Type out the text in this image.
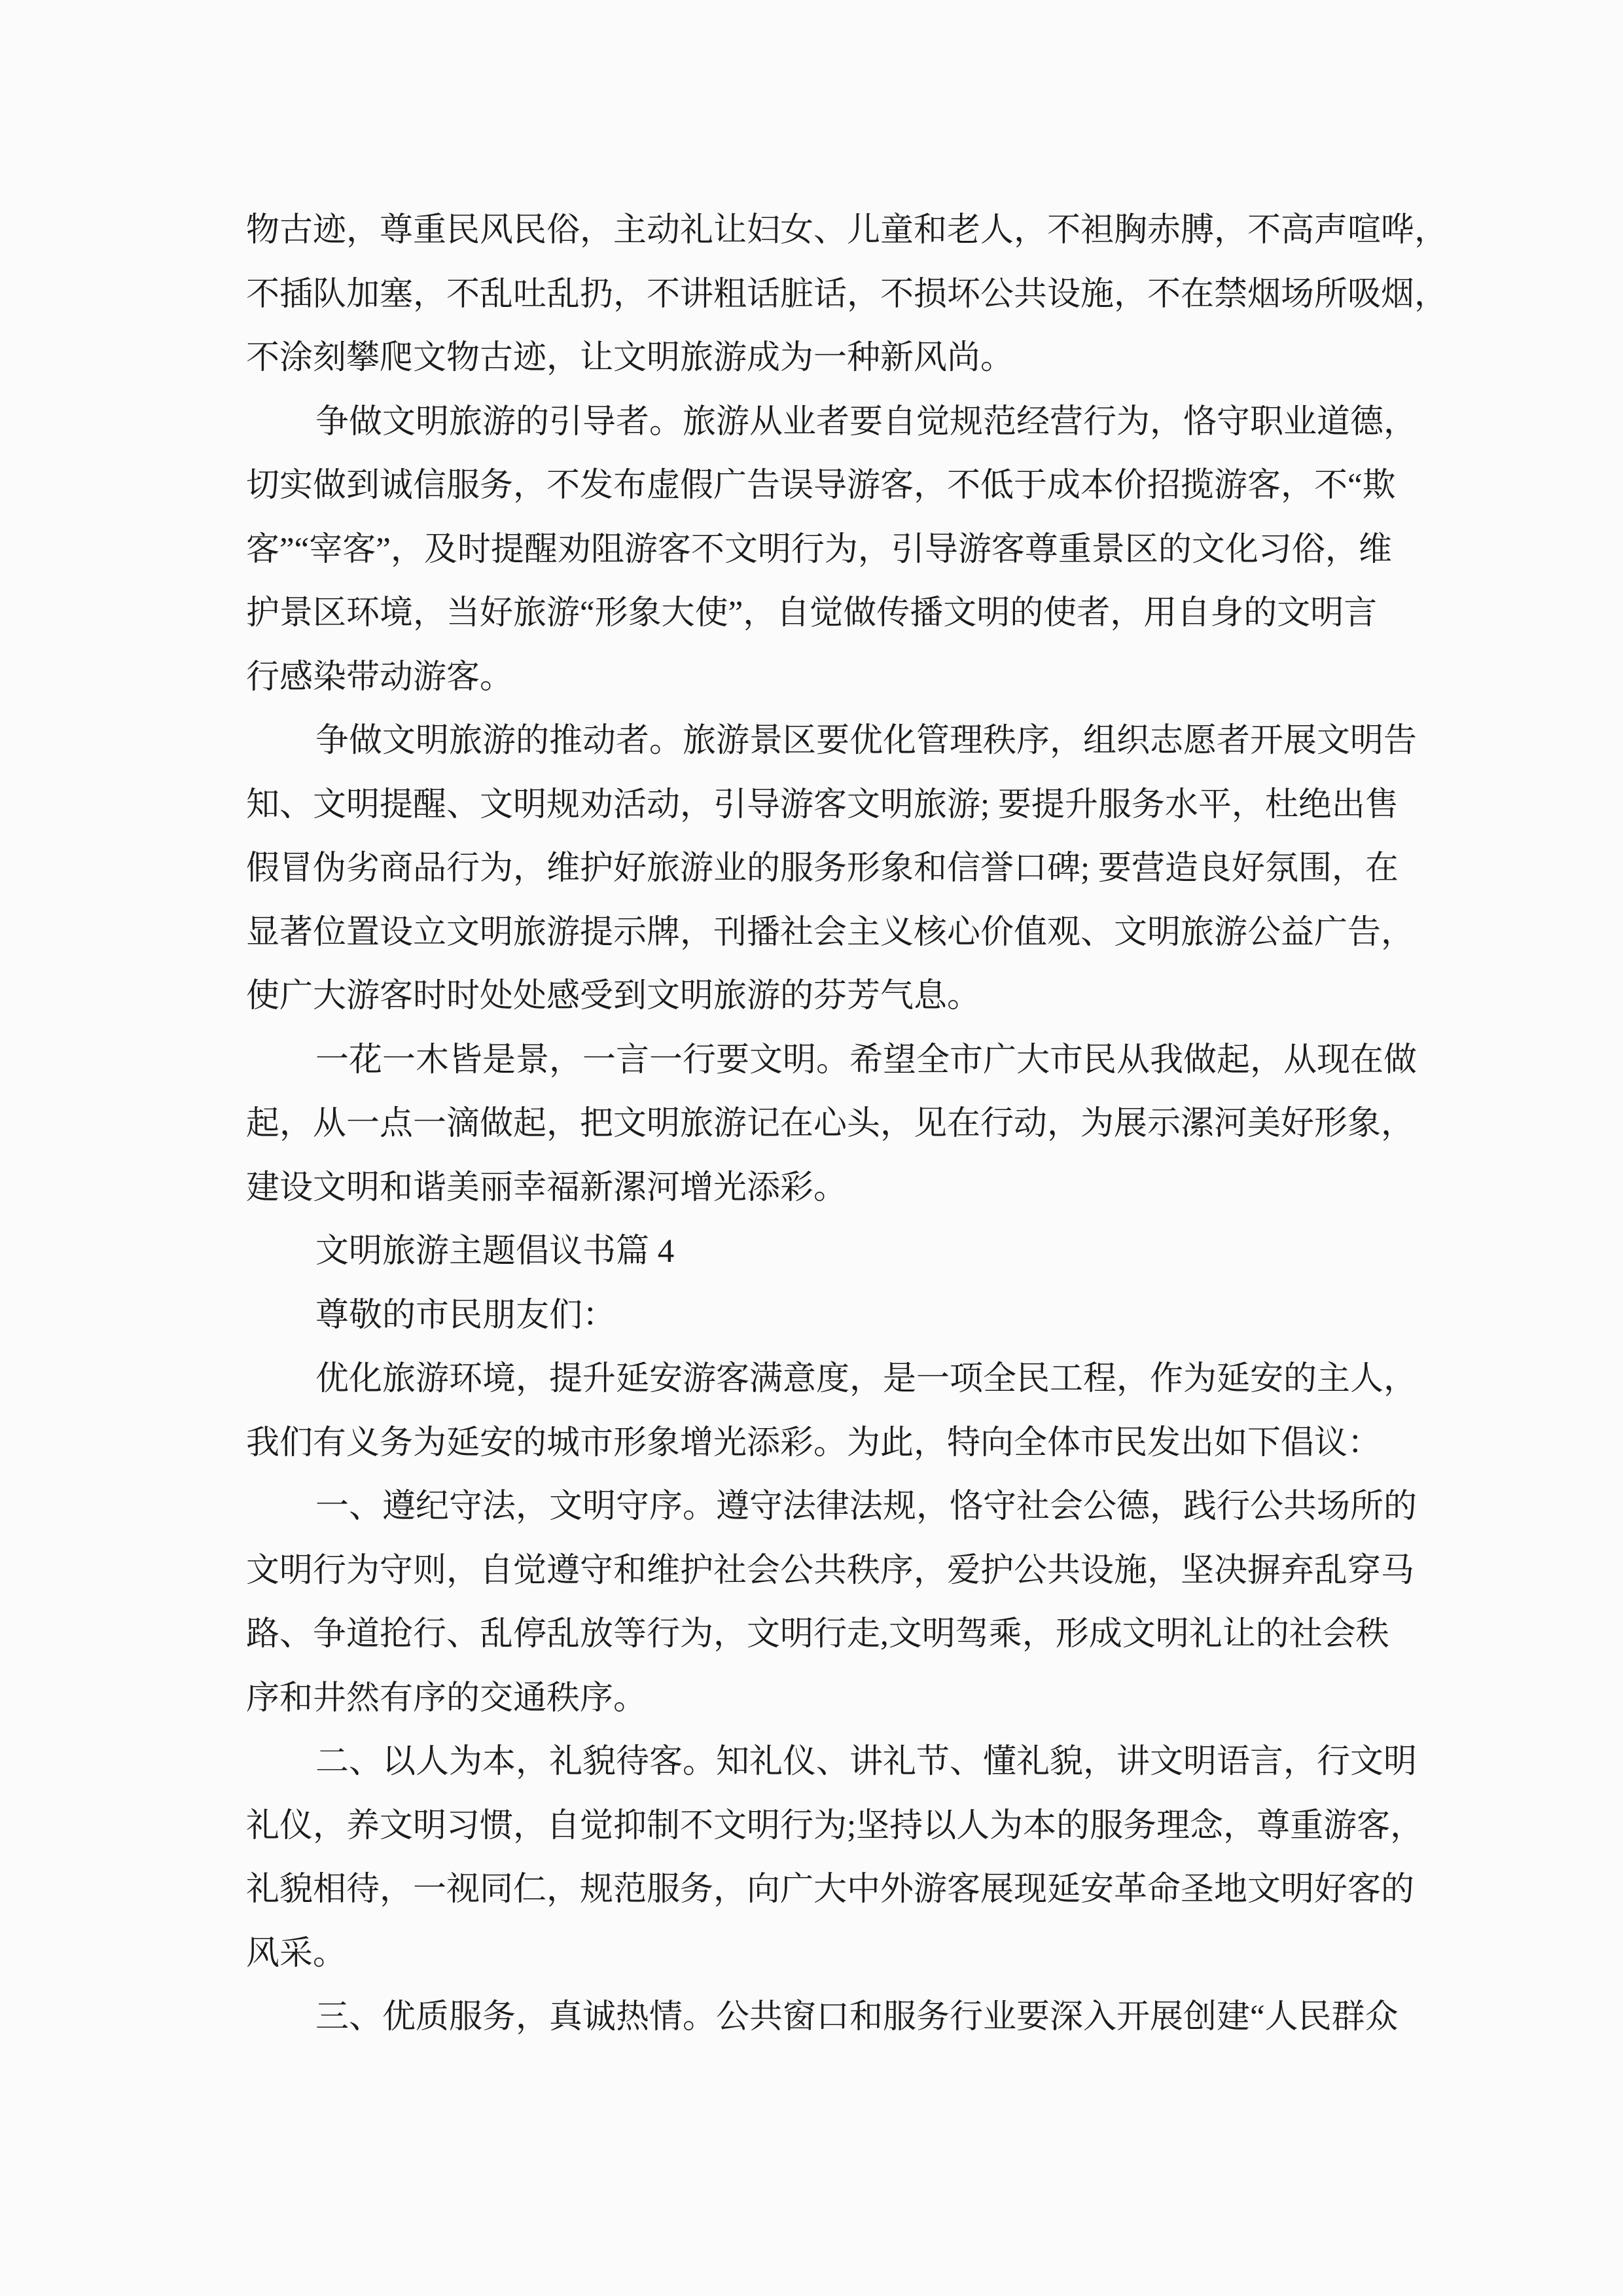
物古迹，尊重民风民俗，主动礼让妇女、儿童和老人，不袒胸赤膊，不高声喧哗，
不插队加塞，不乱吐乱扔，不讲粗话脏话，不损坏公共设施，不在禁烟场所吸烟，
不涂刻攀爬文物古迹，让文明旅游成为一种新风尚。
争做文明旅游的引导者。旅游从业者要自觉规范经营行为，恪守职业道德，
切实做到诚信服务，不发布虚假广告误导游客，不低于成本价招揽游客，不“欺
客”“宰客”，及时提醒劝阻游客不文明行为，引导游客尊重景区的文化习俗，维
护景区环境，当好旅游“形象大使”，自觉做传播文明的使者，用自身的文明言
行感染带动游客。
争做文明旅游的推动者。旅游景区要优化管理秩序，组织志愿者开展文明告
知、文明提醒、文明规劝活动，引导游客文明旅游; 要提升服务水平，杜绝出售
假冒伪劣商品行为，维护好旅游业的服务形象和信誉口碑; 要营造良好氛围，在
显著位置设立文明旅游提示牌，刊播社会主义核心价值观、文明旅游公益广告，
使广大游客时时处处感受到文明旅游的芬芳气息。
一花一木皆是景，一言一行要文明。希望全市广大市民从我做起，从现在做
起，从一点一滴做起，把文明旅游记在心头，见在行动，为展示漯河美好形象，
建设文明和谐美丽幸福新漯河增光添彩。
文明旅游主题倡议书篇 4
尊敬的市民朋友们：
优化旅游环境，提升延安游客满意度，是一项全民工程，作为延安的主人，
我们有义务为延安的城市形象增光添彩。为此，特向全体市民发出如下倡议：
一、遵纪守法，文明守序。遵守法律法规，恪守社会公德，践行公共场所的
文明行为守则，自觉遵守和维护社会公共秩序，爱护公共设施，坚决摒弃乱穿马
路、争道抢行、乱停乱放等行为，文明行走,文明驾乘，形成文明礼让的社会秩
序和井然有序的交通秩序。
二、以人为本，礼貌待客。知礼仪、讲礼节、懂礼貌，讲文明语言，行文明
礼仪，养文明习惯，自觉抑制不文明行为;坚持以人为本的服务理念，尊重游客，
礼貌相待，一视同仁，规范服务，向广大中外游客展现延安革命圣地文明好客的
风采。
三、优质服务，真诚热情。公共窗口和服务行业要深入开展创建“人民群众
